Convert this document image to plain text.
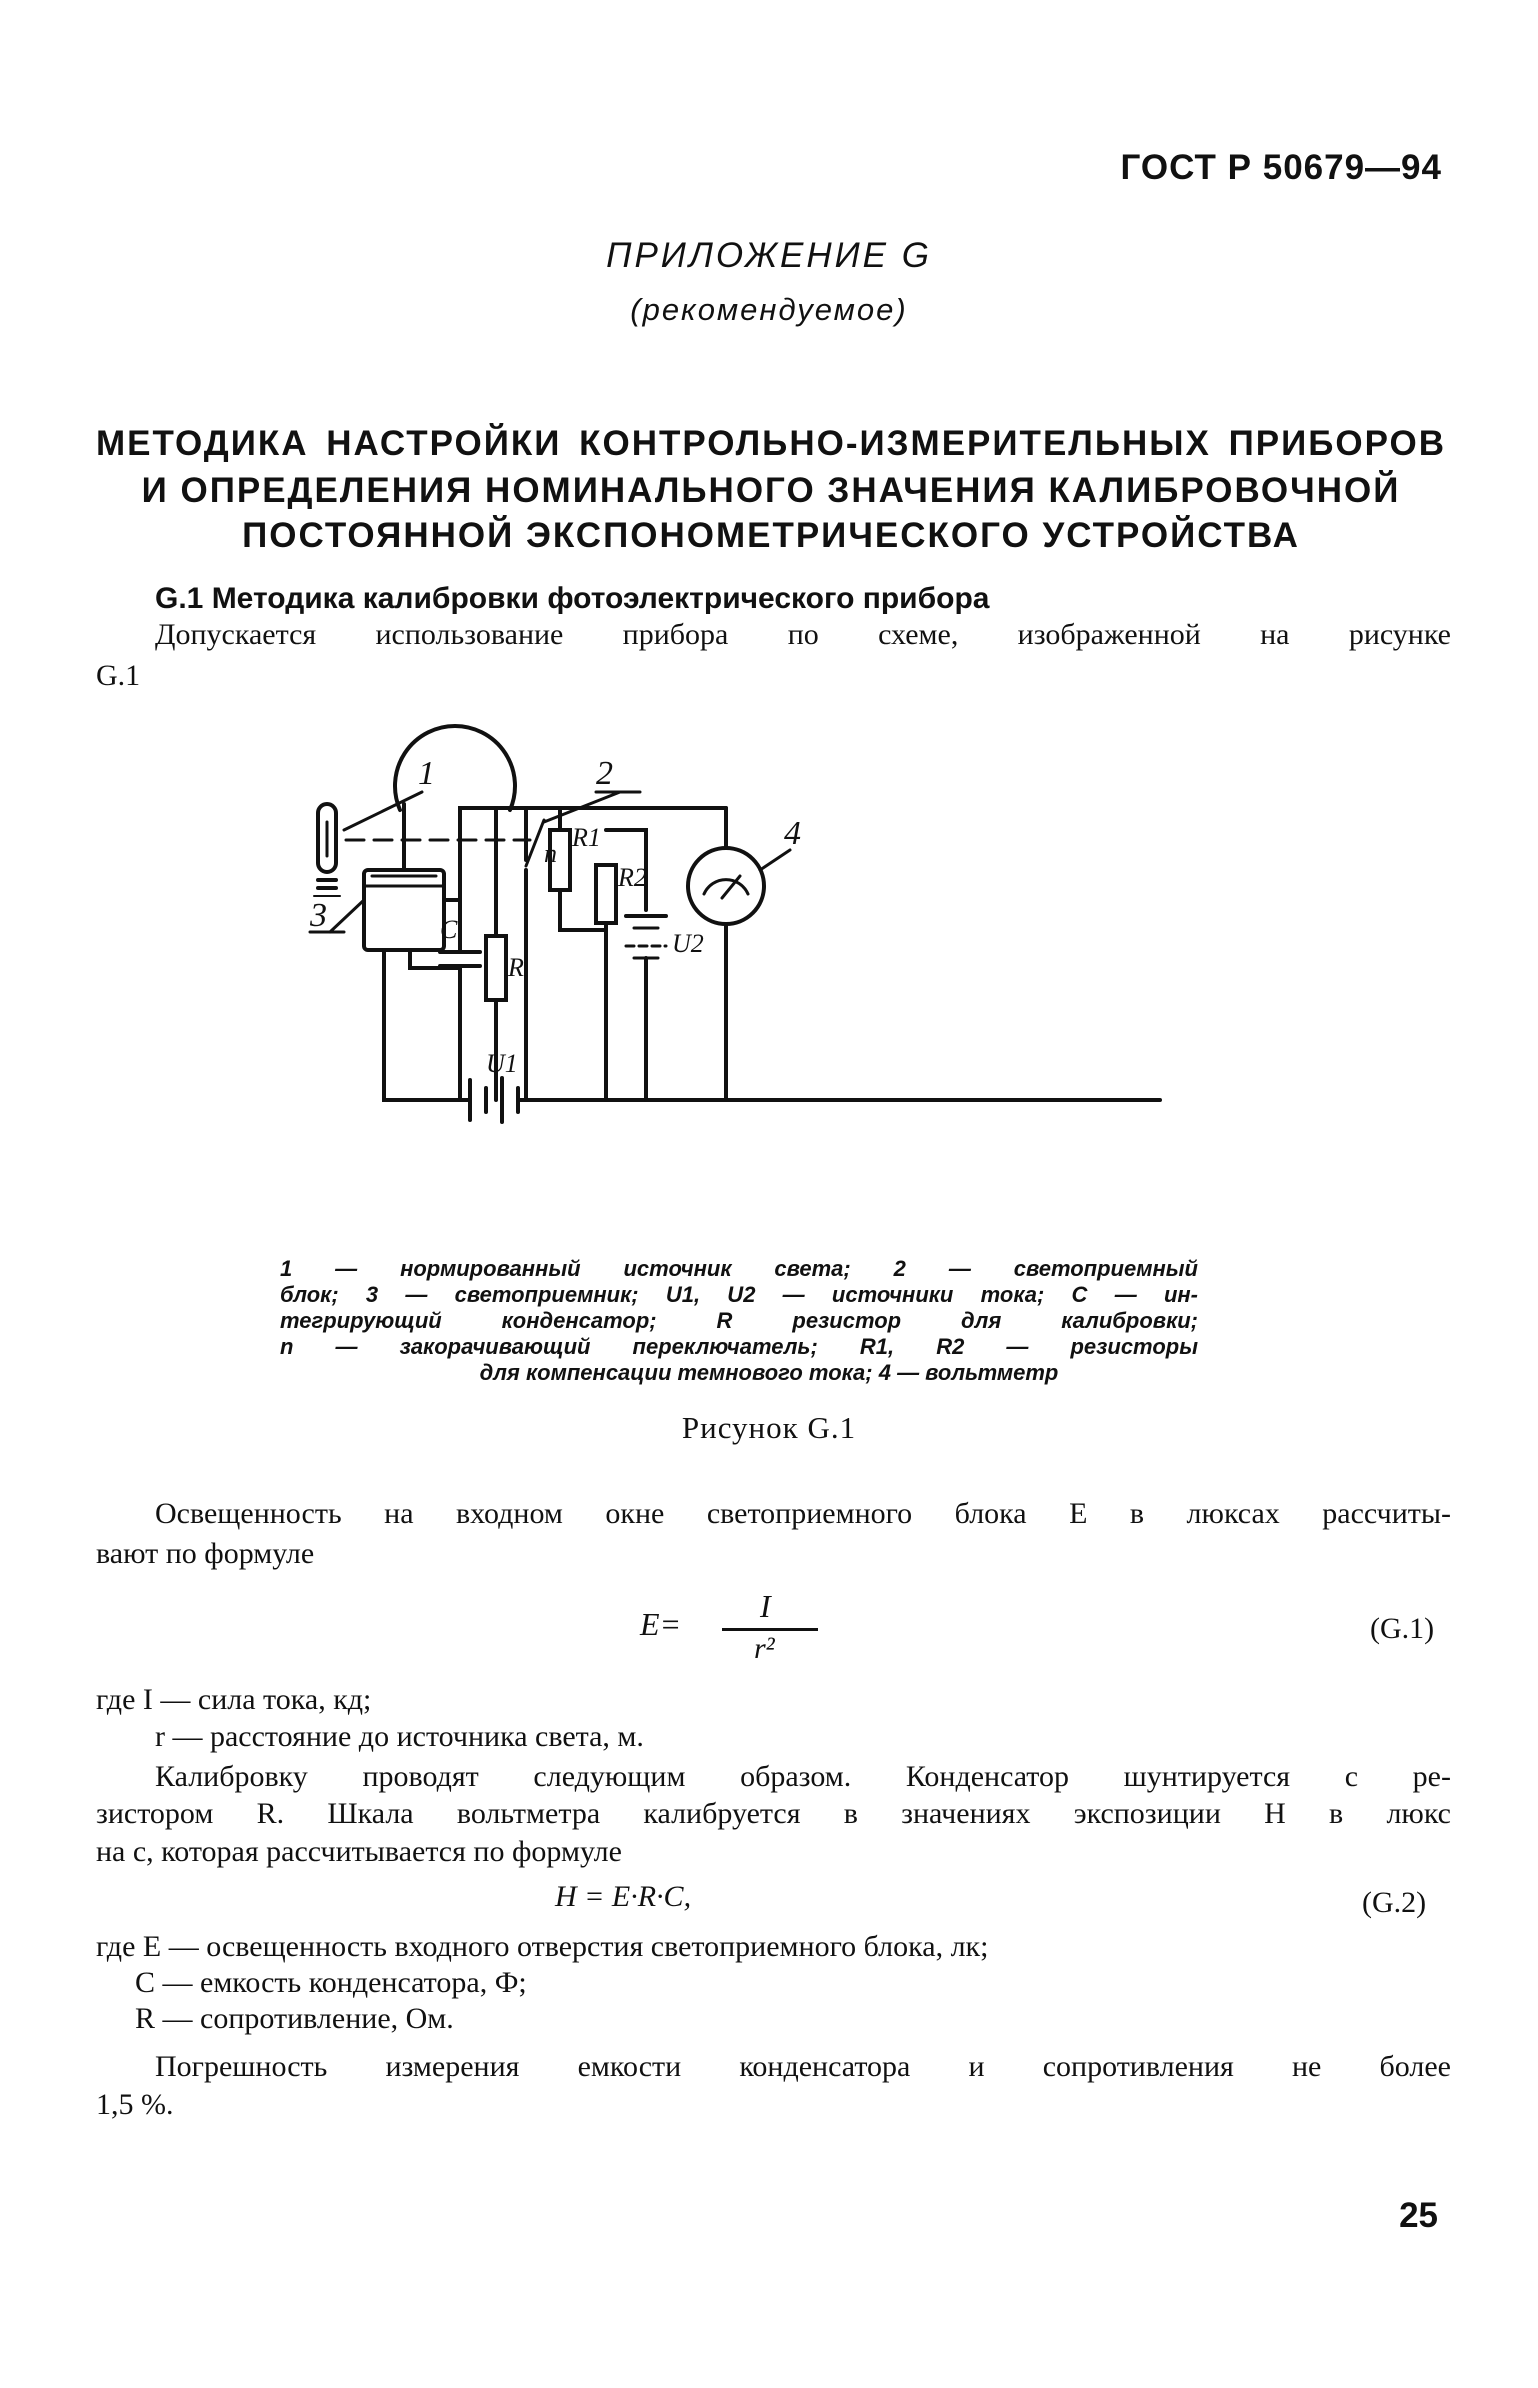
ГОСТ Р 50679—94
ПРИЛОЖЕНИЕ G
(рекомендуемое)
МЕТОДИКА НАСТРОЙКИ КОНТРОЛЬНО-ИЗМЕРИТЕЛЬНЫХ ПРИБОРОВ
И ОПРЕДЕЛЕНИЯ НОМИНАЛЬНОГО ЗНАЧЕНИЯ КАЛИБРОВОЧНОЙ
ПОСТОЯННОЙ ЭКСПОНОМЕТРИЧЕСКОГО УСТРОЙСТВА
G.1 Методика калибровки фотоэлектрического прибора
Допускается использование прибора по схеме, изображенной на рисунке
G.1
1	2
3
4
C
R
n
R1
R2
U1
U2
1 — нормированный источник света; 2 — светоприемный
блок; 3 — светоприемник; U1, U2 — источники тока; C — ин-
тегрирующий конденсатор; R резистор для калибровки;
n — закорачивающий переключатель; R1, R2 — резисторы
для компенсации темнового тока; 4 — вольтметр
Рисунок G.1
Освещенность на входном окне светоприемного блока E в люксах рассчиты-
вают по формуле
E= I
r²
(G.1)
где I — сила тока, кд;
r — расстояние до источника света, м.
Калибровку проводят следующим образом. Конденсатор шунтируется с ре-
зистором R. Шкала вольтметра калибруется в значениях экспозиции H в люкс
на с, которая рассчитывается по формуле
H = E·R·C,	(G.2)
где E — освещенность входного отверстия светоприемного блока, лк;
C — емкость конденсатора, Ф;
R — сопротивление, Ом.
Погрешность измерения емкости конденсатора и сопротивления не более
1,5 %.
25
